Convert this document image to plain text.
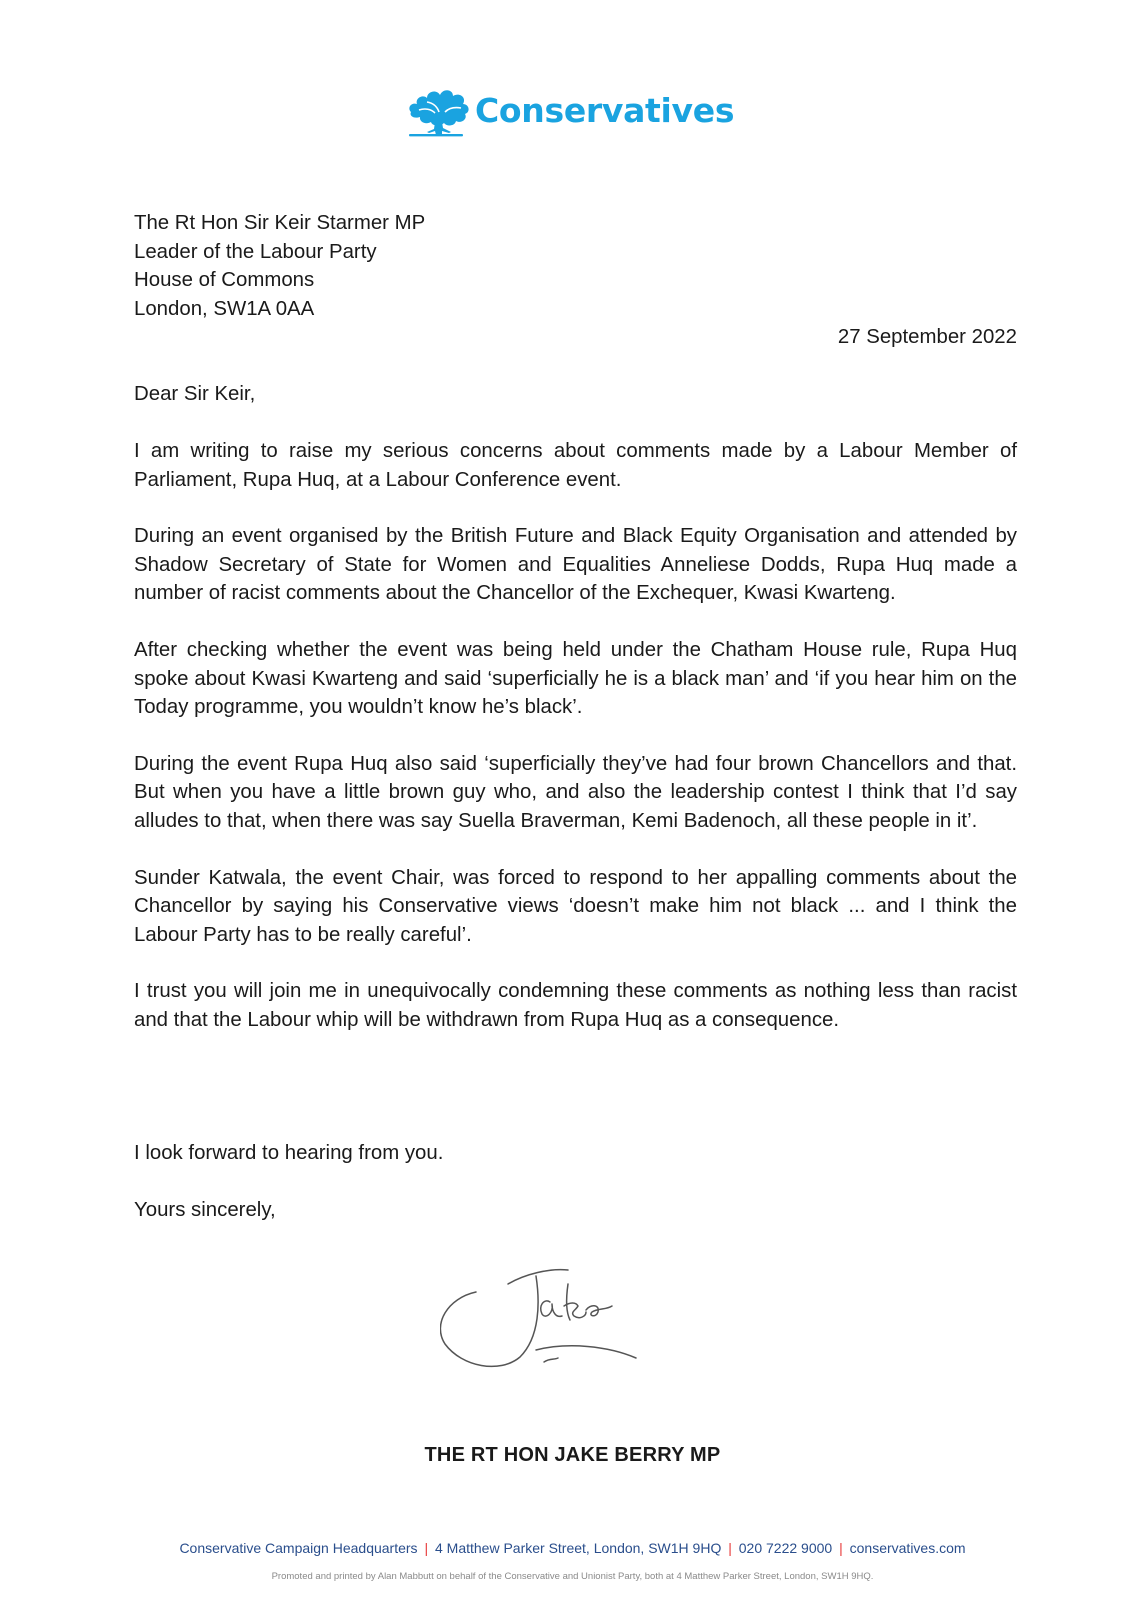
Conservatives
The Rt Hon Sir Keir Starmer MP
Leader of the Labour Party
House of Commons
London, SW1A 0AA
27 September 2022
Dear Sir Keir,

I am writing to raise my serious concerns about comments made by a Labour Member of Parliament, Rupa Huq, at a Labour Conference event.

During an event organised by the British Future and Black Equity Organisation and attended by Shadow Secretary of State for Women and Equalities Anneliese Dodds, Rupa Huq made a number of racist comments about the Chancellor of the Exchequer, Kwasi Kwarteng.

After checking whether the event was being held under the Chatham House rule, Rupa Huq spoke about Kwasi Kwarteng and said ‘superficially he is a black man’ and ‘if you hear him on the Today programme, you wouldn’t know he’s black’.

During the event Rupa Huq also said ‘superficially they’ve had four brown Chancellors and that. But when you have a little brown guy who, and also the leadership contest I think that I’d say alludes to that, when there was say Suella Braverman, Kemi Badenoch, all these people in it’.

Sunder Katwala, the event Chair, was forced to respond to her appalling comments about the Chancellor by saying his Conservative views ‘doesn’t make him not black ... and I think the Labour Party has to be really careful’.

I trust you will join me in unequivocally condemning these comments as nothing less than racist and that the Labour whip will be withdrawn from Rupa Huq as a consequence.

I look forward to hearing from you.

Yours sincerely,

THE RT HON JAKE BERRY MP
Conservative Campaign Headquarters | 4 Matthew Parker Street, London, SW1H 9HQ | 020 7222 9000 | conservatives.com
Promoted and printed by Alan Mabbutt on behalf of the Conservative and Unionist Party, both at 4 Matthew Parker Street, London, SW1H 9HQ.
